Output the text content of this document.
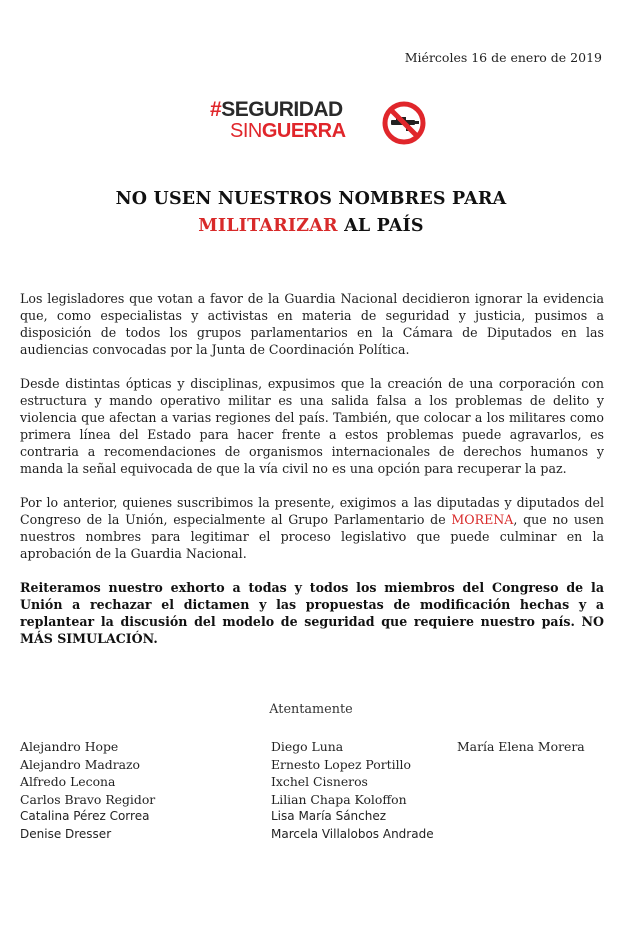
Miércoles 16 de enero de 2019
#SEGURIDAD
SINGUERRA
NO USEN NUESTROS NOMBRES PARA
MILITARIZAR AL PAÍS

Los legisladores que votan a favor de la Guardia Nacional decidieron ignorar la evidencia que, como especialistas y activistas en materia de seguridad y justicia, pusimos a disposición de todos los grupos parlamentarios en la Cámara de Diputados en las audiencias convocadas por la Junta de Coordinación Política.

Desde distintas ópticas y disciplinas, expusimos que la creación de una corporación con estructura y mando operativo militar es una salida falsa a los problemas de delito y violencia que afectan a varias regiones del país. También, que colocar a los militares como primera línea del Estado para hacer frente a estos problemas puede agravarlos, es contraria a recomendaciones de organismos internacionales de derechos humanos y manda la señal equivocada de que la vía civil no es una opción para recuperar la paz.

Por lo anterior, quienes suscribimos la presente, exigimos a las diputadas y diputados del Congreso de la Unión, especialmente al Grupo Parlamentario de MORENA, que no usen nuestros nombres para legitimar el proceso legislativo que puede culminar en la aprobación de la Guardia Nacional.

Reiteramos nuestro exhorto a todas y todos los miembros del Congreso de la Unión a rechazar el dictamen y las propuestas de modificación hechas y a replantear la discusión del modelo de seguridad que requiere nuestro país. NO MÁS SIMULACIÓN.

Atentamente
Alejandro Hope
Alejandro Madrazo
Alfredo Lecona
Carlos Bravo Regidor
Catalina Pérez Correa
Denise Dresser
Diego Luna
Ernesto Lopez Portillo
Ixchel Cisneros
Lilian Chapa Koloffon
Lisa María Sánchez
Marcela Villalobos Andrade
María Elena Morera
